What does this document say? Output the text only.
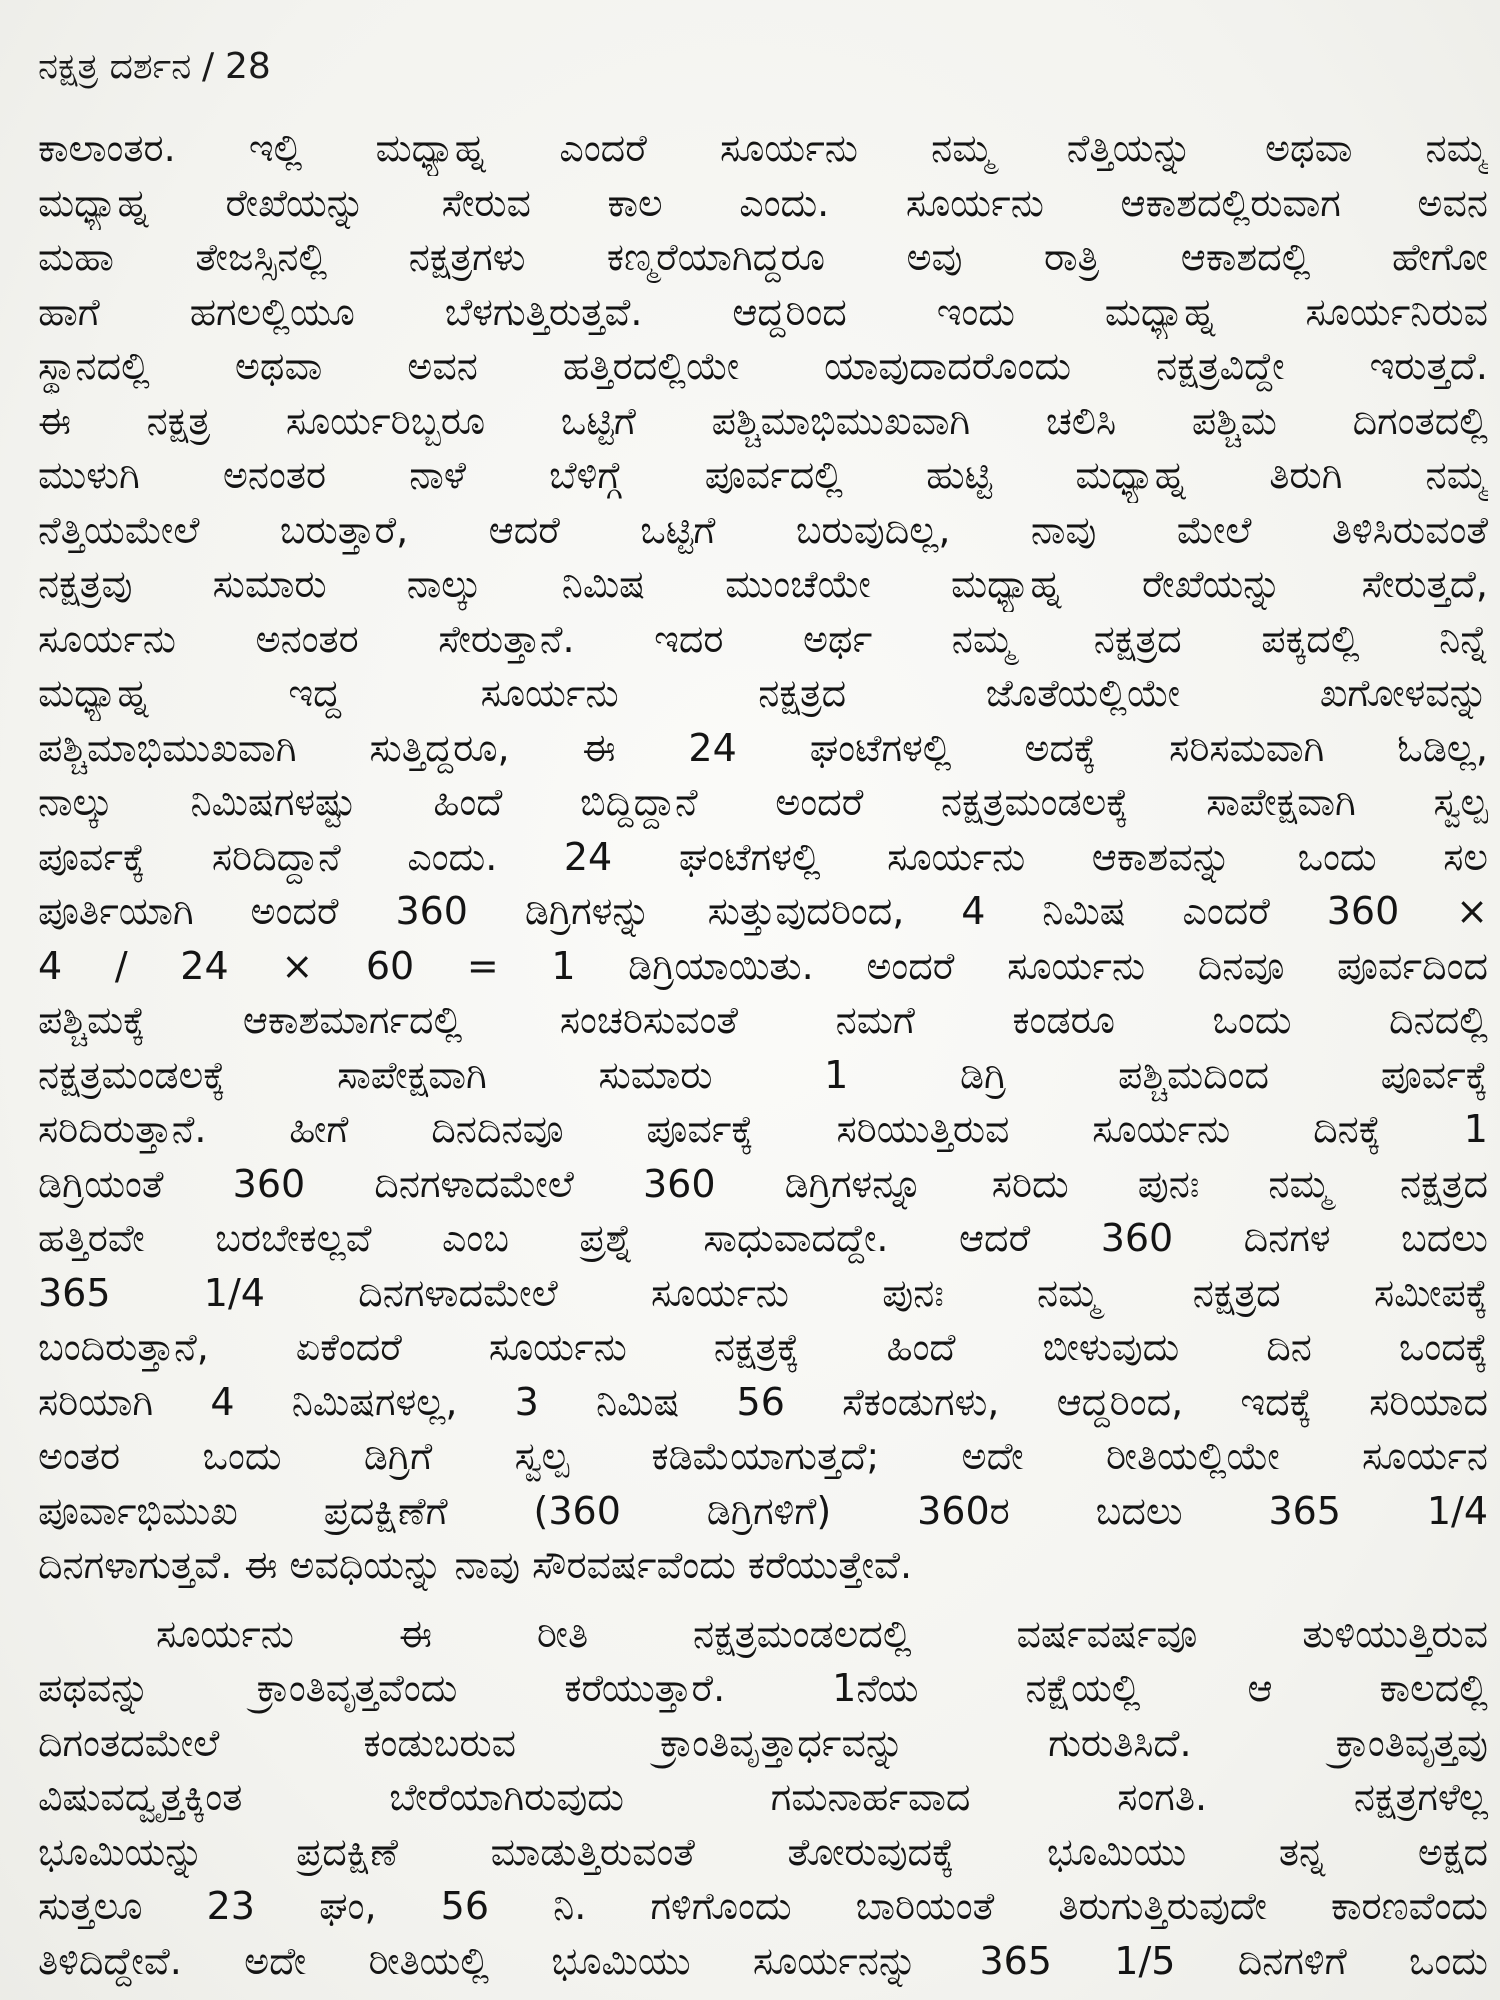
ನಕ್ಷತ್ರ ದರ್ಶನ / 28
ಕಾಲಾಂತರ. ಇಲ್ಲಿ ಮಧ್ಯಾಹ್ನ ಎಂದರೆ ಸೂರ್ಯನು ನಮ್ಮ ನೆತ್ತಿಯನ್ನು ಅಥವಾ ನಮ್ಮ
ಮಧ್ಯಾಹ್ನ ರೇಖೆಯನ್ನು ಸೇರುವ ಕಾಲ ಎಂದು. ಸೂರ್ಯನು ಆಕಾಶದಲ್ಲಿರುವಾಗ ಅವನ
ಮಹಾ ತೇಜಸ್ಸಿನಲ್ಲಿ ನಕ್ಷತ್ರಗಳು ಕಣ್ಮರೆಯಾಗಿದ್ದರೂ ಅವು ರಾತ್ರಿ ಆಕಾಶದಲ್ಲಿ ಹೇಗೋ
ಹಾಗೆ ಹಗಲಲ್ಲಿಯೂ ಬೆಳಗುತ್ತಿರುತ್ತವೆ. ಆದ್ದರಿಂದ ಇಂದು ಮಧ್ಯಾಹ್ನ ಸೂರ್ಯನಿರುವ
ಸ್ಥಾನದಲ್ಲಿ ಅಥವಾ ಅವನ ಹತ್ತಿರದಲ್ಲಿಯೇ ಯಾವುದಾದರೊಂದು ನಕ್ಷತ್ರವಿದ್ದೇ ಇರುತ್ತದೆ.
ಈ ನಕ್ಷತ್ರ ಸೂರ್ಯರಿಬ್ಬರೂ ಒಟ್ಟಿಗೆ ಪಶ್ಚಿಮಾಭಿಮುಖವಾಗಿ ಚಲಿಸಿ ಪಶ್ಚಿಮ ದಿಗಂತದಲ್ಲಿ
ಮುಳುಗಿ ಅನಂತರ ನಾಳೆ ಬೆಳಿಗ್ಗೆ ಪೂರ್ವದಲ್ಲಿ ಹುಟ್ಟಿ ಮಧ್ಯಾಹ್ನ ತಿರುಗಿ ನಮ್ಮ
ನೆತ್ತಿಯಮೇಲೆ ಬರುತ್ತಾರೆ, ಆದರೆ ಒಟ್ಟಿಗೆ ಬರುವುದಿಲ್ಲ, ನಾವು ಮೇಲೆ ತಿಳಿಸಿರುವಂತೆ
ನಕ್ಷತ್ರವು ಸುಮಾರು ನಾಲ್ಕು ನಿಮಿಷ ಮುಂಚೆಯೇ ಮಧ್ಯಾಹ್ನ ರೇಖೆಯನ್ನು ಸೇರುತ್ತದೆ,
ಸೂರ್ಯನು ಅನಂತರ ಸೇರುತ್ತಾನೆ. ಇದರ ಅರ್ಥ ನಮ್ಮ ನಕ್ಷತ್ರದ ಪಕ್ಕದಲ್ಲಿ ನಿನ್ನೆ
ಮಧ್ಯಾಹ್ನ ಇದ್ದ ಸೂರ್ಯನು ನಕ್ಷತ್ರದ ಜೊತೆಯಲ್ಲಿಯೇ ಖಗೋಳವನ್ನು
ಪಶ್ಚಿಮಾಭಿಮುಖವಾಗಿ ಸುತ್ತಿದ್ದರೂ, ಈ 24 ಘಂಟೆಗಳಲ್ಲಿ ಅದಕ್ಕೆ ಸರಿಸಮವಾಗಿ ಓಡಿಲ್ಲ,
ನಾಲ್ಕು ನಿಮಿಷಗಳಷ್ಟು ಹಿಂದೆ ಬಿದ್ದಿದ್ದಾನೆ ಅಂದರೆ ನಕ್ಷತ್ರಮಂಡಲಕ್ಕೆ ಸಾಪೇಕ್ಷವಾಗಿ ಸ್ವಲ್ಪ
ಪೂರ್ವಕ್ಕೆ ಸರಿದಿದ್ದಾನೆ ಎಂದು. 24 ಘಂಟೆಗಳಲ್ಲಿ ಸೂರ್ಯನು ಆಕಾಶವನ್ನು ಒಂದು ಸಲ
ಪೂರ್ತಿಯಾಗಿ ಅಂದರೆ 360 ಡಿಗ್ರಿಗಳನ್ನು ಸುತ್ತುವುದರಿಂದ, 4 ನಿಮಿಷ ಎಂದರೆ 360 ×
4 / 24 × 60 = 1 ಡಿಗ್ರಿಯಾಯಿತು. ಅಂದರೆ ಸೂರ್ಯನು ದಿನವೂ ಪೂರ್ವದಿಂದ
ಪಶ್ಚಿಮಕ್ಕೆ ಆಕಾಶಮಾರ್ಗದಲ್ಲಿ ಸಂಚರಿಸುವಂತೆ ನಮಗೆ ಕಂಡರೂ ಒಂದು ದಿನದಲ್ಲಿ
ನಕ್ಷತ್ರಮಂಡಲಕ್ಕೆ ಸಾಪೇಕ್ಷವಾಗಿ ಸುಮಾರು 1 ಡಿಗ್ರಿ ಪಶ್ಚಿಮದಿಂದ ಪೂರ್ವಕ್ಕೆ
ಸರಿದಿರುತ್ತಾನೆ. ಹೀಗೆ ದಿನದಿನವೂ ಪೂರ್ವಕ್ಕೆ ಸರಿಯುತ್ತಿರುವ ಸೂರ್ಯನು ದಿನಕ್ಕೆ 1
ಡಿಗ್ರಿಯಂತೆ 360 ದಿನಗಳಾದಮೇಲೆ 360 ಡಿಗ್ರಿಗಳನ್ನೂ ಸರಿದು ಪುನಃ ನಮ್ಮ ನಕ್ಷತ್ರದ
ಹತ್ತಿರವೇ ಬರಬೇಕಲ್ಲವೆ ಎಂಬ ಪ್ರಶ್ನೆ ಸಾಧುವಾದದ್ದೇ. ಆದರೆ 360 ದಿನಗಳ ಬದಲು
365 1/4 ದಿನಗಳಾದಮೇಲೆ ಸೂರ್ಯನು ಪುನಃ ನಮ್ಮ ನಕ್ಷತ್ರದ ಸಮೀಪಕ್ಕೆ
ಬಂದಿರುತ್ತಾನೆ, ಏಕೆಂದರೆ ಸೂರ್ಯನು ನಕ್ಷತ್ರಕ್ಕೆ ಹಿಂದೆ ಬೀಳುವುದು ದಿನ ಒಂದಕ್ಕೆ
ಸರಿಯಾಗಿ 4 ನಿಮಿಷಗಳಲ್ಲ, 3 ನಿಮಿಷ 56 ಸೆಕಂಡುಗಳು, ಆದ್ದರಿಂದ, ಇದಕ್ಕೆ ಸರಿಯಾದ
ಅಂತರ ಒಂದು ಡಿಗ್ರಿಗೆ ಸ್ವಲ್ಪ ಕಡಿಮೆಯಾಗುತ್ತದೆ; ಅದೇ ರೀತಿಯಲ್ಲಿಯೇ ಸೂರ್ಯನ
ಪೂರ್ವಾಭಿಮುಖ ಪ್ರದಕ್ಷಿಣೆಗೆ (360 ಡಿಗ್ರಿಗಳಿಗೆ) 360ರ ಬದಲು 365 1/4
ದಿನಗಳಾಗುತ್ತವೆ. ಈ ಅವಧಿಯನ್ನು ನಾವು ಸೌರವರ್ಷವೆಂದು ಕರೆಯುತ್ತೇವೆ.
ಸೂರ್ಯನು ಈ ರೀತಿ ನಕ್ಷತ್ರಮಂಡಲದಲ್ಲಿ ವರ್ಷವರ್ಷವೂ ತುಳಿಯುತ್ತಿರುವ
ಪಥವನ್ನು ಕ್ರಾಂತಿವೃತ್ತವೆಂದು ಕರೆಯುತ್ತಾರೆ. 1ನೆಯ ನಕ್ಷೆಯಲ್ಲಿ ಆ ಕಾಲದಲ್ಲಿ
ದಿಗಂತದಮೇಲೆ ಕಂಡುಬರುವ ಕ್ರಾಂತಿವೃತ್ತಾರ್ಧವನ್ನು ಗುರುತಿಸಿದೆ. ಕ್ರಾಂತಿವೃತ್ತವು
ವಿಷುವದ್ವೃತ್ತಕ್ಕಿಂತ ಬೇರೆಯಾಗಿರುವುದು ಗಮನಾರ್ಹವಾದ ಸಂಗತಿ. ನಕ್ಷತ್ರಗಳೆಲ್ಲ
ಭೂಮಿಯನ್ನು ಪ್ರದಕ್ಷಿಣೆ ಮಾಡುತ್ತಿರುವಂತೆ ತೋರುವುದಕ್ಕೆ ಭೂಮಿಯು ತನ್ನ ಅಕ್ಷದ
ಸುತ್ತಲೂ 23 ಘಂ, 56 ನಿ. ಗಳಿಗೊಂದು ಬಾರಿಯಂತೆ ತಿರುಗುತ್ತಿರುವುದೇ ಕಾರಣವೆಂದು
ತಿಳಿದಿದ್ದೇವೆ. ಅದೇ ರೀತಿಯಲ್ಲಿ ಭೂಮಿಯು ಸೂರ್ಯನನ್ನು 365 1/5 ದಿನಗಳಿಗೆ ಒಂದು
